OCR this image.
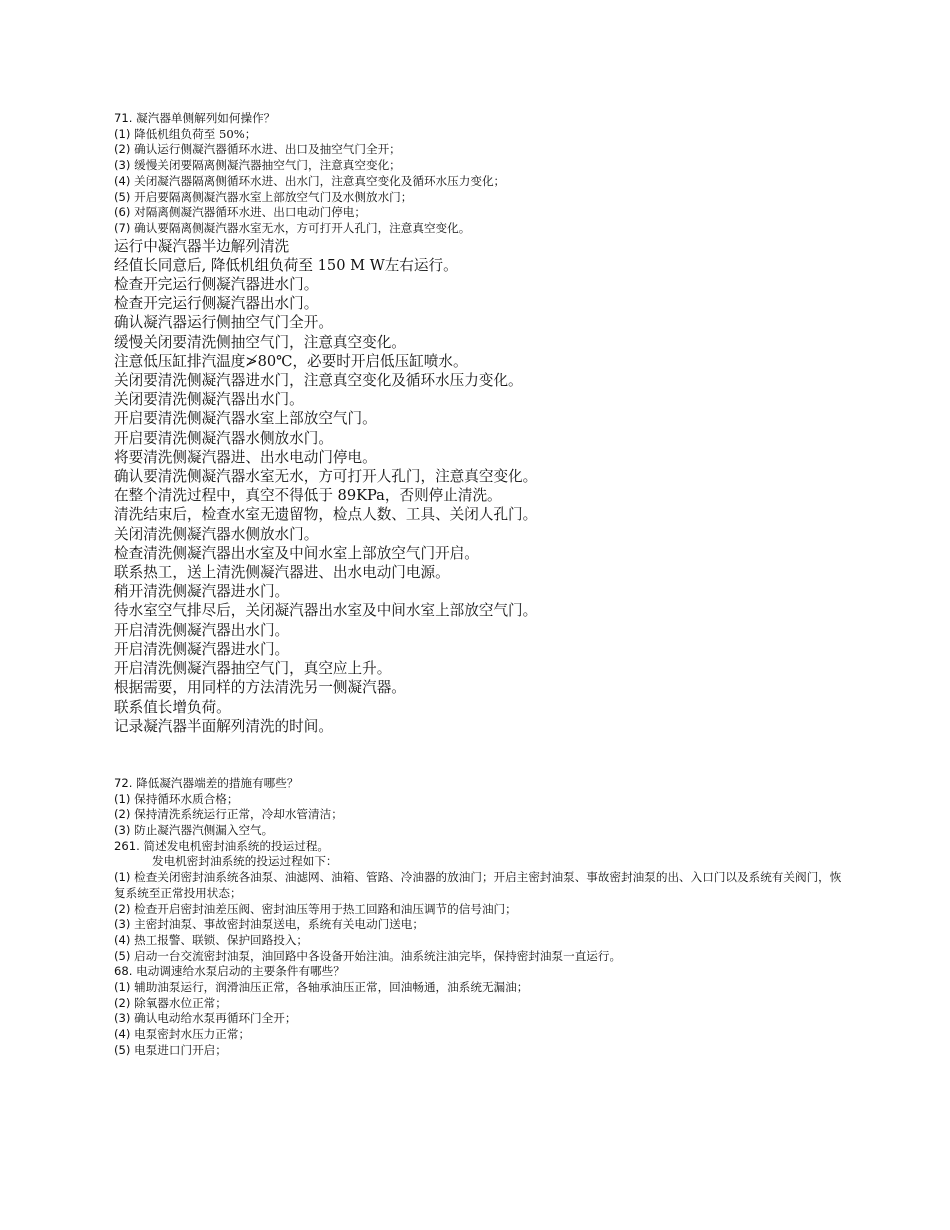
71. 凝汽器单侧解列如何操作？
(1) 降低机组负荷至 50%；
(2) 确认运行侧凝汽器循环水进、出口及抽空气门全开；
(3) 缓慢关闭要隔离侧凝汽器抽空气门，注意真空变化；
(4) 关闭凝汽器隔离侧循环水进、出水门，注意真空变化及循环水压力变化；
(5) 开启要隔离侧凝汽器水室上部放空气门及水侧放水门；
(6) 对隔离侧凝汽器循环水进、出口电动门停电；
(7) 确认要隔离侧凝汽器水室无水，方可打开人孔门，注意真空变化。
运行中凝汽器半边解列清洗
经值长同意后, 降低机组负荷至 150 M W左右运行。
检查开完运行侧凝汽器进水门。
检查开完运行侧凝汽器出水门。
确认凝汽器运行侧抽空气门全开。
缓慢关闭要清洗侧抽空气门，注意真空变化。
注意低压缸排汽温度≯80℃，必要时开启低压缸喷水。
关闭要清洗侧凝汽器进水门，注意真空变化及循环水压力变化。
关闭要清洗侧凝汽器出水门。
开启要清洗侧凝汽器水室上部放空气门。
开启要清洗侧凝汽器水侧放水门。
将要清洗侧凝汽器进、出水电动门停电。
确认要清洗侧凝汽器水室无水，方可打开人孔门，注意真空变化。
在整个清洗过程中，真空不得低于 89KPa，否则停止清洗。
清洗结束后，检查水室无遗留物，检点人数、工具、关闭人孔门。
关闭清洗侧凝汽器水侧放水门。
检查清洗侧凝汽器出水室及中间水室上部放空气门开启。
联系热工，送上清洗侧凝汽器进、出水电动门电源。
稍开清洗侧凝汽器进水门。
待水室空气排尽后，关闭凝汽器出水室及中间水室上部放空气门。
开启清洗侧凝汽器出水门。
开启清洗侧凝汽器进水门。
开启清洗侧凝汽器抽空气门，真空应上升。
根据需要，用同样的方法清洗另一侧凝汽器。
联系值长增负荷。
记录凝汽器半面解列清洗的时间。
72. 降低凝汽器端差的措施有哪些？
(1) 保持循环水质合格；
(2) 保持清洗系统运行正常，冷却水管清洁；
(3) 防止凝汽器汽侧漏入空气。
261. 简述发电机密封油系统的投运过程。
发电机密封油系统的投运过程如下：
(1) 检查关闭密封油系统各油泵、油滤网、油箱、管路、冷油器的放油门；开启主密封油泵、事故密封油泵的出、入口门以及系统有关阀门，恢复系统至正常投用状态；
(2) 检查开启密封油差压阀、密封油压等用于热工回路和油压调节的信号油门；
(3) 主密封油泵、事故密封油泵送电，系统有关电动门送电；
(4) 热工报警、联锁、保护回路投入；
(5) 启动一台交流密封油泵，油回路中各设备开始注油。油系统注油完毕，保持密封油泵一直运行。
68. 电动调速给水泵启动的主要条件有哪些？
(1) 辅助油泵运行，润滑油压正常，各轴承油压正常，回油畅通，油系统无漏油；
(2) 除氧器水位正常；
(3) 确认电动给水泵再循环门全开；
(4) 电泵密封水压力正常；
(5) 电泵进口门开启；
